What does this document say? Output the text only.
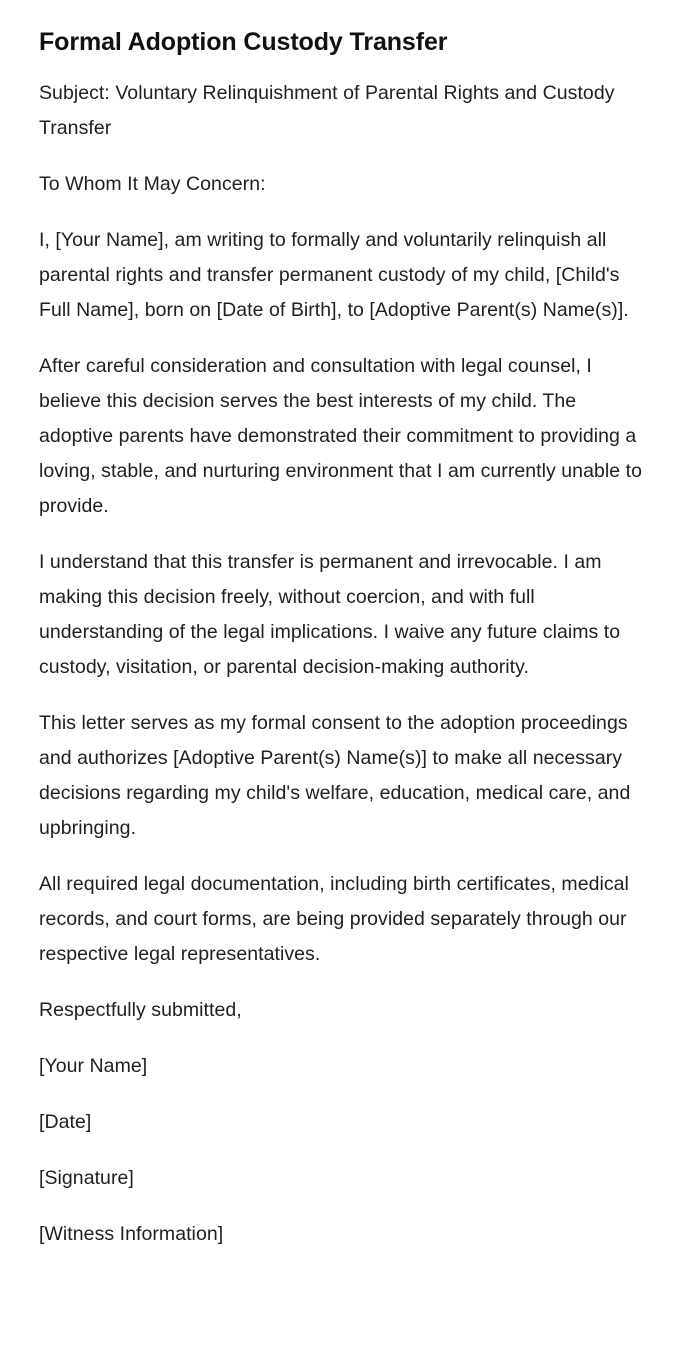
Formal Adoption Custody Transfer

Subject: Voluntary Relinquishment of Parental Rights and Custody Transfer

To Whom It May Concern:

I, [Your Name], am writing to formally and voluntarily relinquish all parental rights and transfer permanent custody of my child, [Child's Full Name], born on [Date of Birth], to [Adoptive Parent(s) Name(s)].

After careful consideration and consultation with legal counsel, I believe this decision serves the best interests of my child. The adoptive parents have demonstrated their commitment to providing a loving, stable, and nurturing environment that I am currently unable to provide.

I understand that this transfer is permanent and irrevocable. I am making this decision freely, without coercion, and with full understanding of the legal implications. I waive any future claims to custody, visitation, or parental decision-making authority.

This letter serves as my formal consent to the adoption proceedings and authorizes [Adoptive Parent(s) Name(s)] to make all necessary decisions regarding my child's welfare, education, medical care, and upbringing.

All required legal documentation, including birth certificates, medical records, and court forms, are being provided separately through our respective legal representatives.

Respectfully submitted,

[Your Name]

[Date]

[Signature]

[Witness Information]
